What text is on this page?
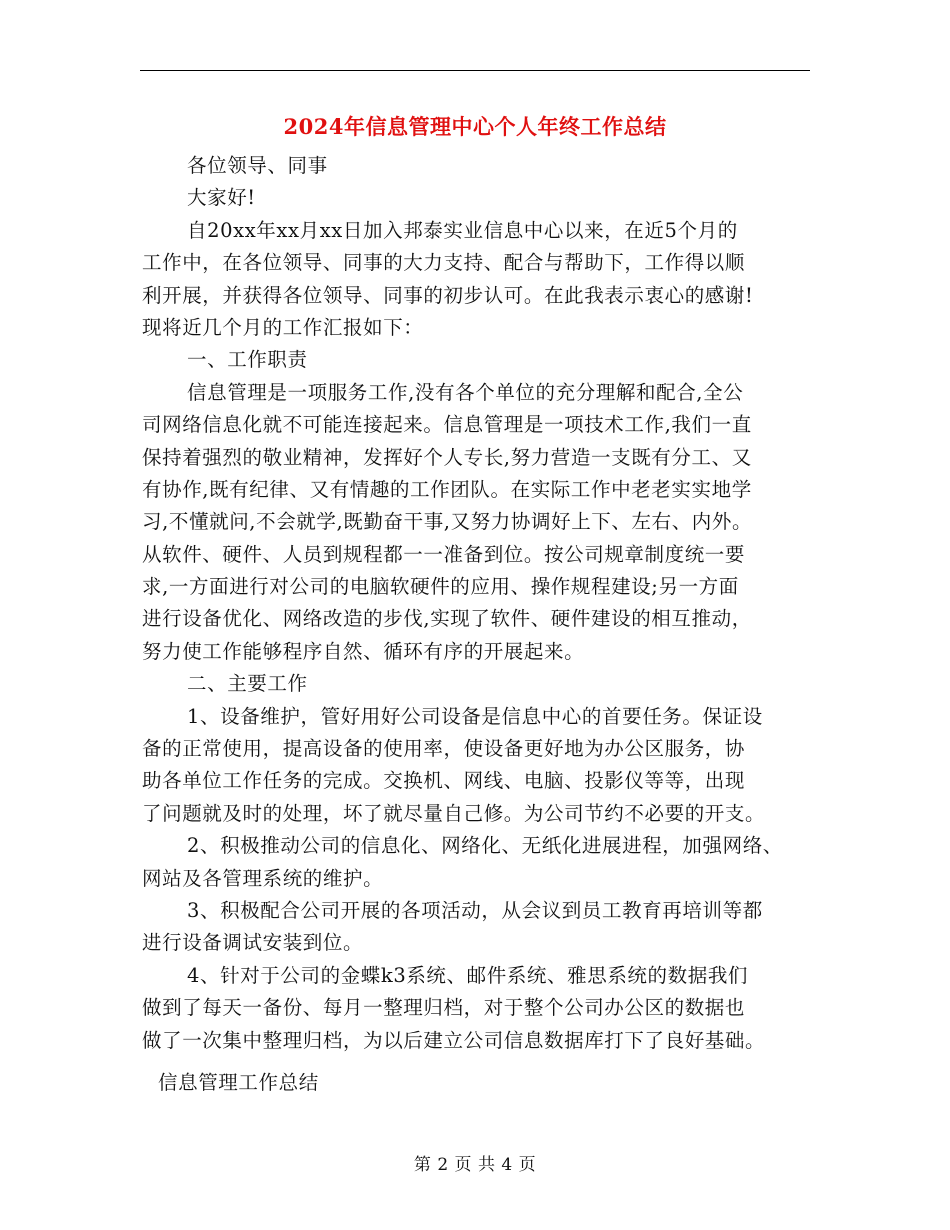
2024年信息管理中心个人年终工作总结
各位领导、同事
大家好!
自20xx年xx月xx日加入邦泰实业信息中心以来，在近5个月的
工作中，在各位领导、同事的大力支持、配合与帮助下，工作得以顺
利开展，并获得各位领导、同事的初步认可。在此我表示衷心的感谢!
现将近几个月的工作汇报如下：
一、工作职责
信息管理是一项服务工作,没有各个单位的充分理解和配合,全公
司网络信息化就不可能连接起来。信息管理是一项技术工作,我们一直
保持着强烈的敬业精神，发挥好个人专长,努力营造一支既有分工、又
有协作,既有纪律、又有情趣的工作团队。在实际工作中老老实实地学
习,不懂就问,不会就学,既勤奋干事,又努力协调好上下、左右、内外。
从软件、硬件、人员到规程都一一准备到位。按公司规章制度统一要
求,一方面进行对公司的电脑软硬件的应用、操作规程建设;另一方面
进行设备优化、网络改造的步伐,实现了软件、硬件建设的相互推动，
努力使工作能够程序自然、循环有序的开展起来。
二、主要工作
1、设备维护，管好用好公司设备是信息中心的首要任务。保证设
备的正常使用，提高设备的使用率，使设备更好地为办公区服务，协
助各单位工作任务的完成。交换机、网线、电脑、投影仪等等，出现
了问题就及时的处理，坏了就尽量自己修。为公司节约不必要的开支。
2、积极推动公司的信息化、网络化、无纸化进展进程，加强网络、
网站及各管理系统的维护。
3、积极配合公司开展的各项活动，从会议到员工教育再培训等都
进行设备调试安装到位。
4、针对于公司的金蝶k3系统、邮件系统、雅思系统的数据我们
做到了每天一备份、每月一整理归档，对于整个公司办公区的数据也
做了一次集中整理归档，为以后建立公司信息数据库打下了良好基础。
信息管理工作总结
第 2 页 共 4 页
